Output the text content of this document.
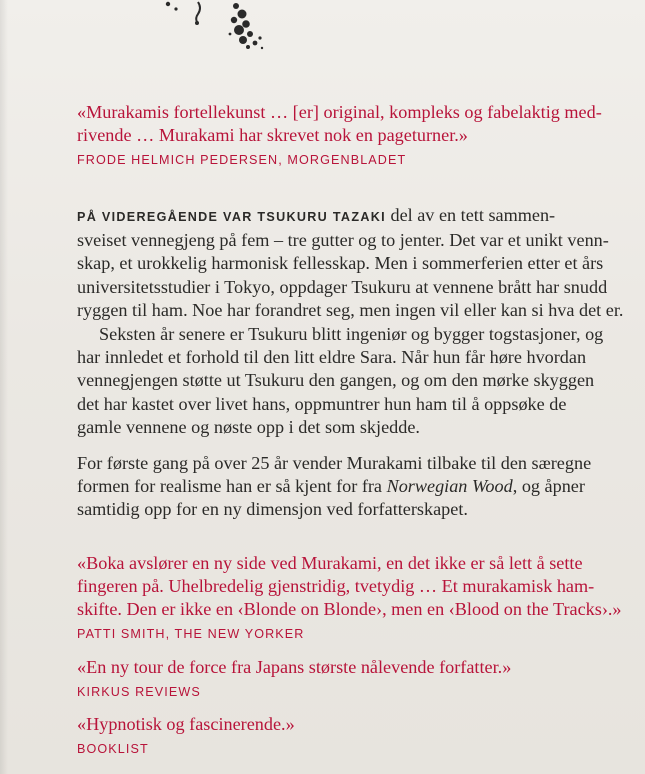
«Murakamis fortellekunst … [er] original, kompleks og fabelaktig med-
rivende … Murakami har skrevet nok en pageturner.»
FRODE HELMICH PEDERSEN, MORGENBLADET
PÅ VIDEREGÅENDE VAR TSUKURU TAZAKI del av en tett sammen-
sveiset vennegjeng på fem – tre gutter og to jenter. Det var et unikt venn-
skap, et urokkelig harmonisk fellesskap. Men i sommerferien etter et års
universitetsstudier i Tokyo, oppdager Tsukuru at vennene brått har snudd
ryggen til ham. Noe har forandret seg, men ingen vil eller kan si hva det er.
Seksten år senere er Tsukuru blitt ingeniør og bygger togstasjoner, og
har innledet et forhold til den litt eldre Sara. Når hun får høre hvordan
vennegjengen støtte ut Tsukuru den gangen, og om den mørke skyggen
det har kastet over livet hans, oppmuntrer hun ham til å oppsøke de
gamle vennene og nøste opp i det som skjedde.
For første gang på over 25 år vender Murakami tilbake til den særegne
formen for realisme han er så kjent for fra Norwegian Wood, og åpner
samtidig opp for en ny dimensjon ved forfatterskapet.
«Boka avslører en ny side ved Murakami, en det ikke er så lett å sette
fingeren på. Uhelbredelig gjenstridig, tvetydig … Et murakamisk ham-
skifte. Den er ikke en ‹Blonde on Blonde›, men en ‹Blood on the Tracks›.»
PATTI SMITH, THE NEW YORKER
«En ny tour de force fra Japans største nålevende forfatter.»
KIRKUS REVIEWS
«Hypnotisk og fascinerende.»
BOOKLIST
